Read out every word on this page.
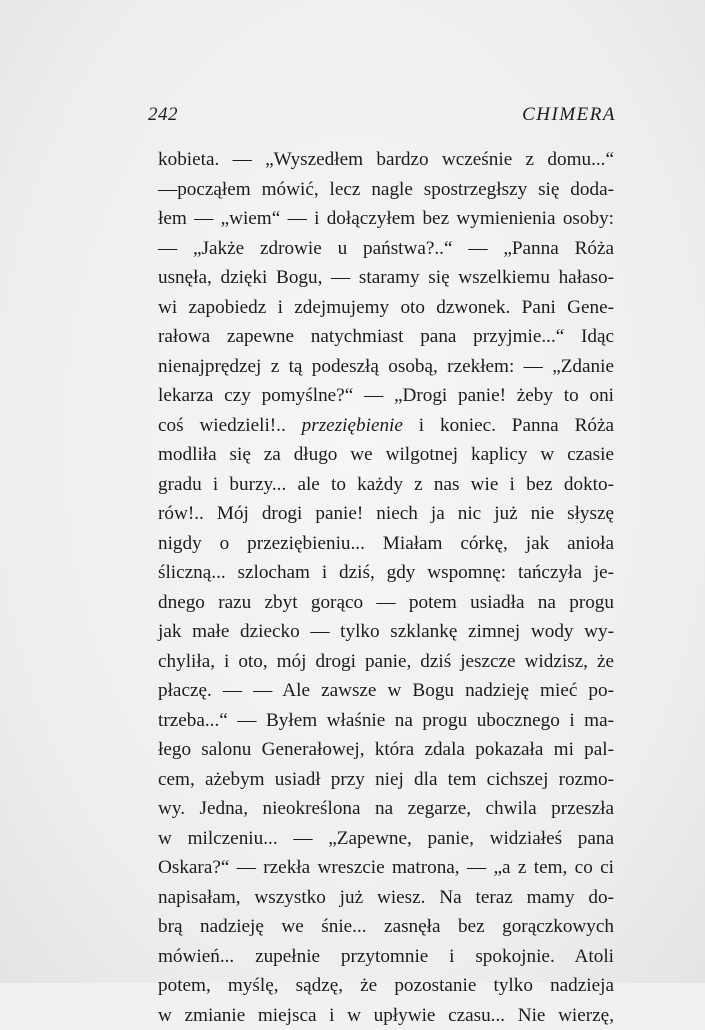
242	CHIMERA
kobieta. — „Wyszedłem bardzo wcześnie z domu...“
—począłem mówić, lecz nagle spostrzegłszy się doda-
łem — „wiem“ — i dołączyłem bez wymienienia osoby:
— „Jakże zdrowie u państwa?..“ — „Panna Róża
usnęła, dzięki Bogu, — staramy się wszelkiemu hałaso-
wi zapobiedz i zdejmujemy oto dzwonek. Pani Gene-
rałowa zapewne natychmiast pana przyjmie...“ Idąc
nienajprędzej z tą podeszłą osobą, rzekłem: — „Zdanie
lekarza czy pomyślne?“ — „Drogi panie! żeby to oni
coś wiedzieli!.. przeziębienie i koniec. Panna Róża
modliła się za długo we wilgotnej kaplicy w czasie
gradu i burzy... ale to każdy z nas wie i bez dokto-
rów!.. Mój drogi panie! niech ja nic już nie słyszę
nigdy o przeziębieniu... Miałam córkę, jak anioła
śliczną... szlocham i dziś, gdy wspomnę: tańczyła je-
dnego razu zbyt gorąco — potem usiadła na progu
jak małe dziecko — tylko szklankę zimnej wody wy-
chyliła, i oto, mój drogi panie, dziś jeszcze widzisz, że
płaczę. — — Ale zawsze w Bogu nadzieję mieć po-
trzeba...“ — Byłem właśnie na progu ubocznego i ma-
łego salonu Generałowej, która zdala pokazała mi pal-
cem, ażebym usiadł przy niej dla tem cichszej rozmo-
wy. Jedna, nieokreślona na zegarze, chwila przeszła
w milczeniu... — „Zapewne, panie, widziałeś pana
Oskara?“ — rzekła wreszcie matrona, — „a z tem, co ci
napisałam, wszystko już wiesz. Na teraz mamy do-
brą nadzieję we śnie... zasnęła bez gorączkowych
mówień... zupełnie przytomnie i spokojnie. Atoli
potem, myślę, sądzę, że pozostanie tylko nadzieja
w zmianie miejsca i w upływie czasu... Nie wierzę,
